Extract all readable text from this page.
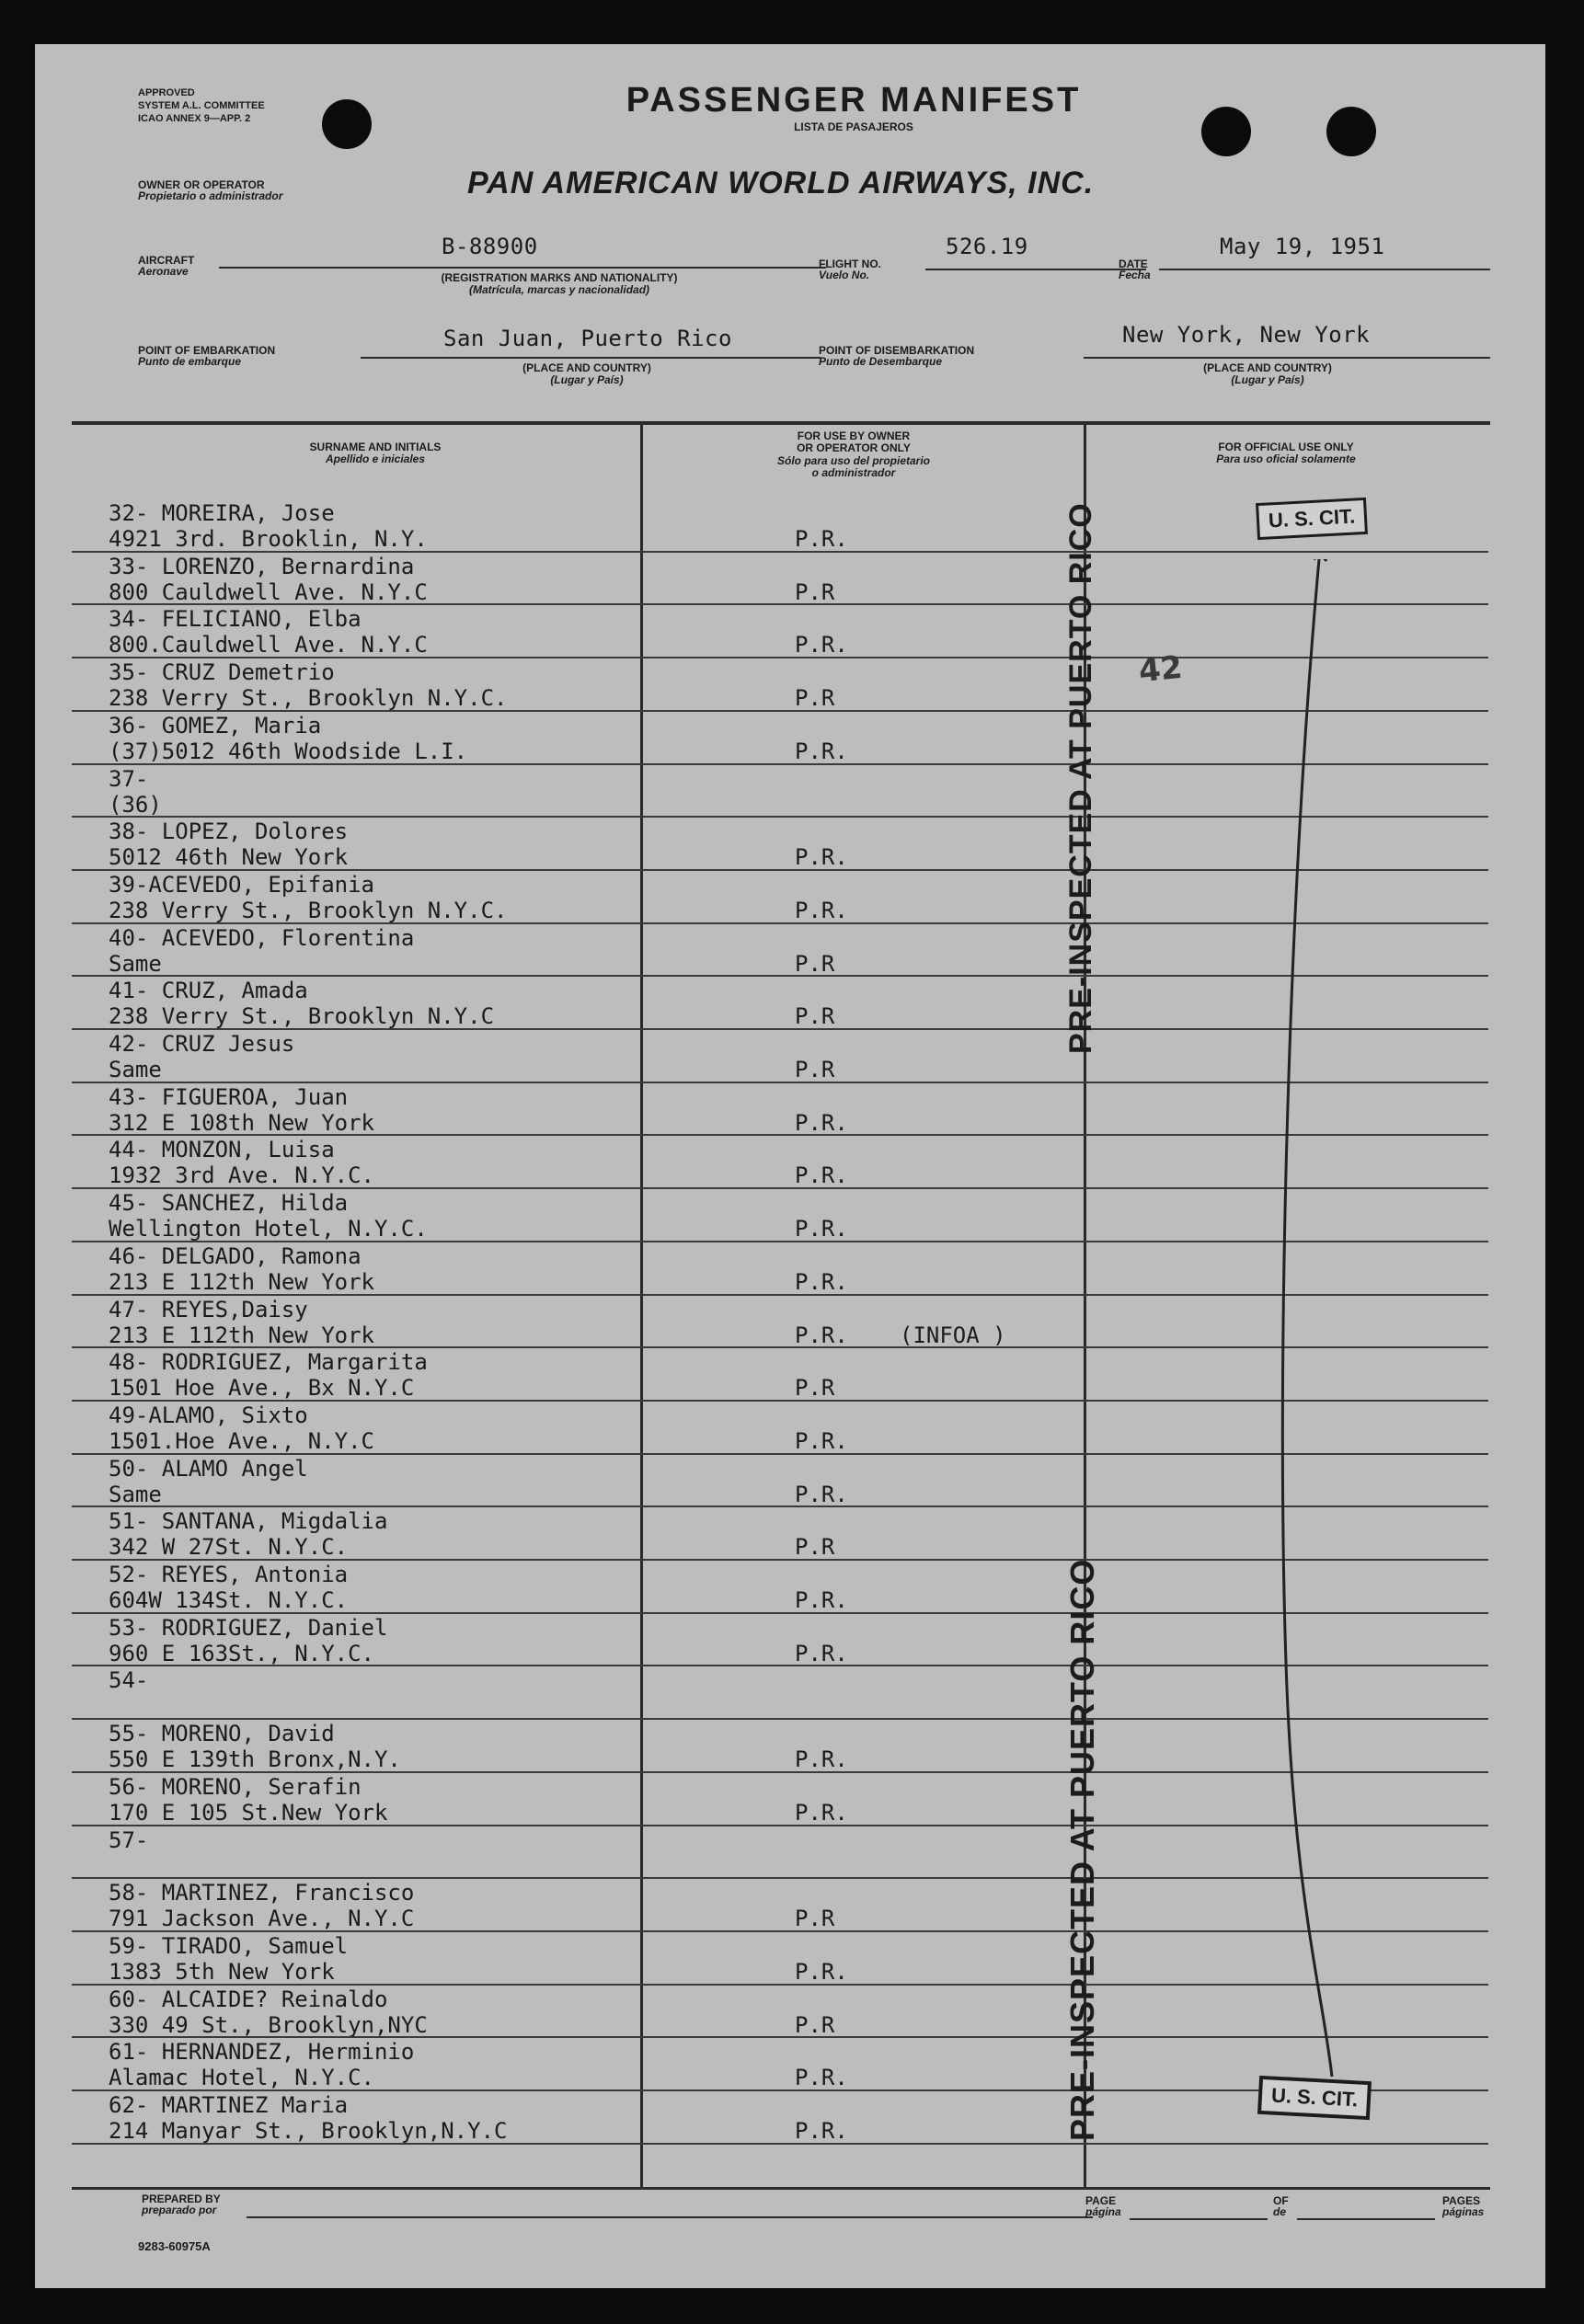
APPROVED
SYSTEM A.L. COMMITTEE
ICAO ANNEX 9—APP. 2	PASSENGER MANIFEST
LISTA DE PASAJEROS
OWNER OR OPERATOR
Propietario o administrador	PAN AMERICAN WORLD AIRWAYS, INC.
AIRCRAFT
Aeronave
B-88900
(REGISTRATION MARKS AND NATIONALITY)
(Matrícula, marcas y nacionalidad)
FLIGHT NO.
Vuelo No.
526.19
DATE
Fecha
May 19, 1951
POINT OF EMBARKATION
Punto de embarque
San Juan, Puerto Rico
(PLACE AND COUNTRY)
(Lugar y País)
POINT OF DISEMBARKATION
Punto de Desembarque
New York, New York
(PLACE AND COUNTRY)
(Lugar y País)
SURNAME AND INITIALS
Apellido e iniciales
FOR USE BY OWNER
OR OPERATOR ONLY
Sólo para uso del propietario
o administrador
FOR OFFICIAL USE ONLY
Para uso oficial solamente
32- MOREIRA, Jose
4921 3rd. Brooklin, N.Y.	P.R.
33- LORENZO, Bernardina
800 Cauldwell Ave. N.Y.C	P.R
34- FELICIANO, Elba
800.Cauldwell Ave. N.Y.C	P.R.
35- CRUZ Demetrio
238 Verry St., Brooklyn N.Y.C.	P.R
36- GOMEZ, Maria
(37)5012 46th Woodside L.I.	P.R.
37-
(36)
38- LOPEZ, Dolores
5012 46th New York	P.R.
39-ACEVEDO, Epifania
238 Verry St., Brooklyn N.Y.C.	P.R.
40- ACEVEDO, Florentina
Same	P.R
41- CRUZ, Amada
238 Verry St., Brooklyn N.Y.C	P.R
42- CRUZ Jesus
Same	P.R
43- FIGUEROA, Juan
312 E 108th New York	P.R.
44- MONZON, Luisa
1932 3rd Ave. N.Y.C.	P.R.
45- SANCHEZ, Hilda
Wellington Hotel, N.Y.C.	P.R.
46- DELGADO, Ramona
213 E 112th New York	P.R.
47- REYES,Daisy
213 E 112th New York	P.R. (INFOA )
48- RODRIGUEZ, Margarita
1501 Hoe Ave., Bx N.Y.C	P.R
49-ALAMO, Sixto
1501.Hoe Ave., N.Y.C	P.R.
50- ALAMO Angel
Same	P.R.
51- SANTANA, Migdalia
342 W 27St. N.Y.C.	P.R
52- REYES, Antonia
604W 134St. N.Y.C.	P.R.
53- RODRIGUEZ, Daniel
960 E 163St., N.Y.C.	P.R.
54-
55- MORENO, David
550 E 139th Bronx,N.Y.	P.R.
56- MORENO, Serafin
170 E 105 St.New York	P.R.
57-
58- MARTINEZ, Francisco
791 Jackson Ave., N.Y.C	P.R
59- TIRADO, Samuel
1383 5th New York	P.R.
60- ALCAIDE? Reinaldo
330 49 St., Brooklyn,NYC	P.R
61- HERNANDEZ, Herminio
Alamac Hotel, N.Y.C.	P.R.
62- MARTINEZ Maria
214 Manyar St., Brooklyn,N.Y.C	P.R.
PRE-INSPECTED AT PUERTO RICO
PRE-INSPECTED AT PUERTO RICO
U. S. CIT.
U. S. CIT.
42
PREPARED BY
preparado por
PAGE
página
OF
de
PAGES
páginas
9283-60975A
